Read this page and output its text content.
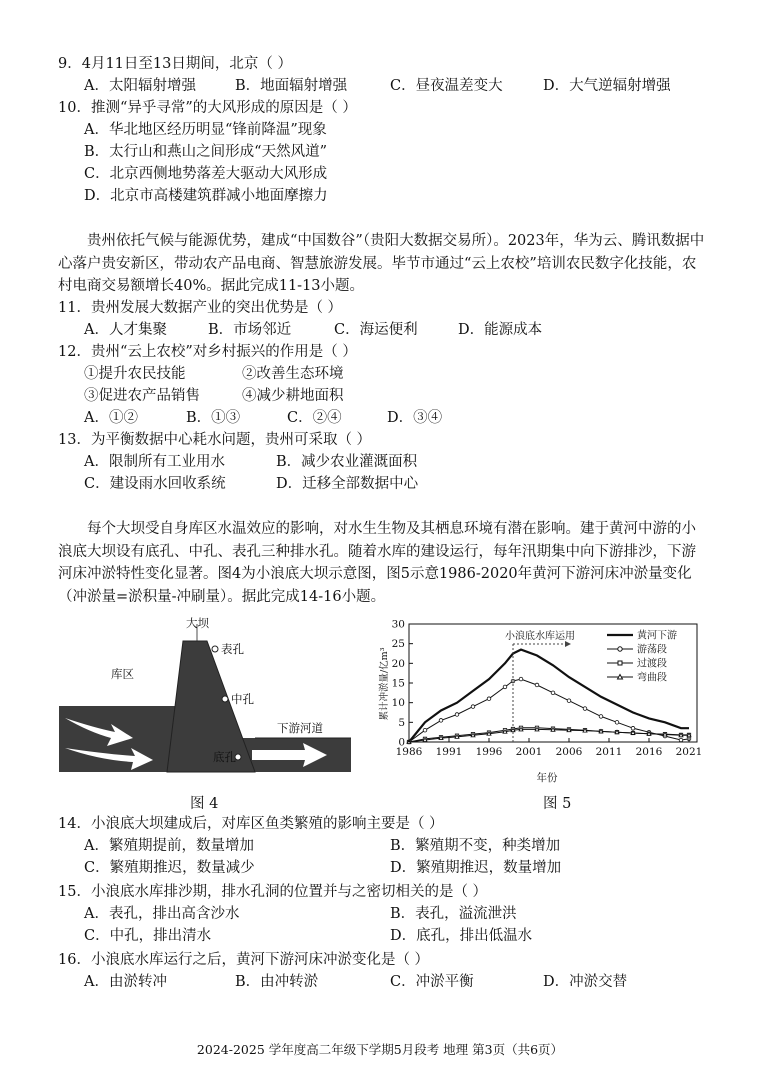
9．4月11日至13日期间，北京（ ）
A．太阳辐射增强	B．地面辐射增强	C．昼夜温差变大	D．大气逆辐射增强
10．推测“异乎寻常”的大风形成的原因是（ ）
A．华北地区经历明显“锋前降温”现象
B．太行山和燕山之间形成“天然风道”
C．北京西侧地势落差大驱动大风形成
D．北京市高楼建筑群减小地面摩擦力
贵州依托气候与能源优势，建成“中国数谷”（贵阳大数据交易所）。2023年，华为云、腾讯数据中心落户贵安新区，带动农产品电商、智慧旅游发展。毕节市通过“云上农校”培训农民数字化技能，农村电商交易额增长40%。据此完成11-13小题。
11．贵州发展大数据产业的突出优势是（ ）
A．人才集聚	B．市场邻近	C．海运便利	D．能源成本
12．贵州“云上农校”对乡村振兴的作用是（ ）
①提升农民技能	②改善生态环境
③促进农产品销售	④减少耕地面积
A．①②	B．①③	C．②④	D．③④
13．为平衡数据中心耗水问题，贵州可采取（ ）
A．限制所有工业用水	B．减少农业灌溉面积
C．建设雨水回收系统	D．迁移全部数据中心
每个大坝受自身库区水温效应的影响，对水生生物及其栖息环境有潜在影响。建于黄河中游的小浪底大坝设有底孔、中孔、表孔三种排水孔。随着水库的建设运行，每年汛期集中向下游排沙，下游河床冲淤特性变化显著。图4为小浪底大坝示意图，图5示意1986-2020年黄河下游河床冲淤量变化（冲淤量=淤积量-冲刷量）。据此完成14-16小题。
大坝
表孔
中孔
底孔
库区
下游河道
图 4
0
5
10
15
20
25
30
1986 1991 1996 2001 2006 2011 2016 2021
黄河下游
游荡段
过渡段
弯曲段
累计冲淤量/亿m³
年份
小浪底水库运用
图 5
14．小浪底大坝建成后，对库区鱼类繁殖的影响主要是（ ）
A．繁殖期提前，数量增加	B．繁殖期不变，种类增加
C．繁殖期推迟，数量减少	D．繁殖期推迟，数量增加
15．小浪底水库排沙期，排水孔洞的位置并与之密切相关的是（ ）
A．表孔，排出高含沙水	B．表孔，溢流泄洪
C．中孔，排出清水	D．底孔，排出低温水
16．小浪底水库运行之后，黄河下游河床冲淤变化是（ ）
A．由淤转冲	B．由冲转淤	C．冲淤平衡	D．冲淤交替
2024-2025 学年度高二年级下学期5月段考 地理 第3页（共6页）
